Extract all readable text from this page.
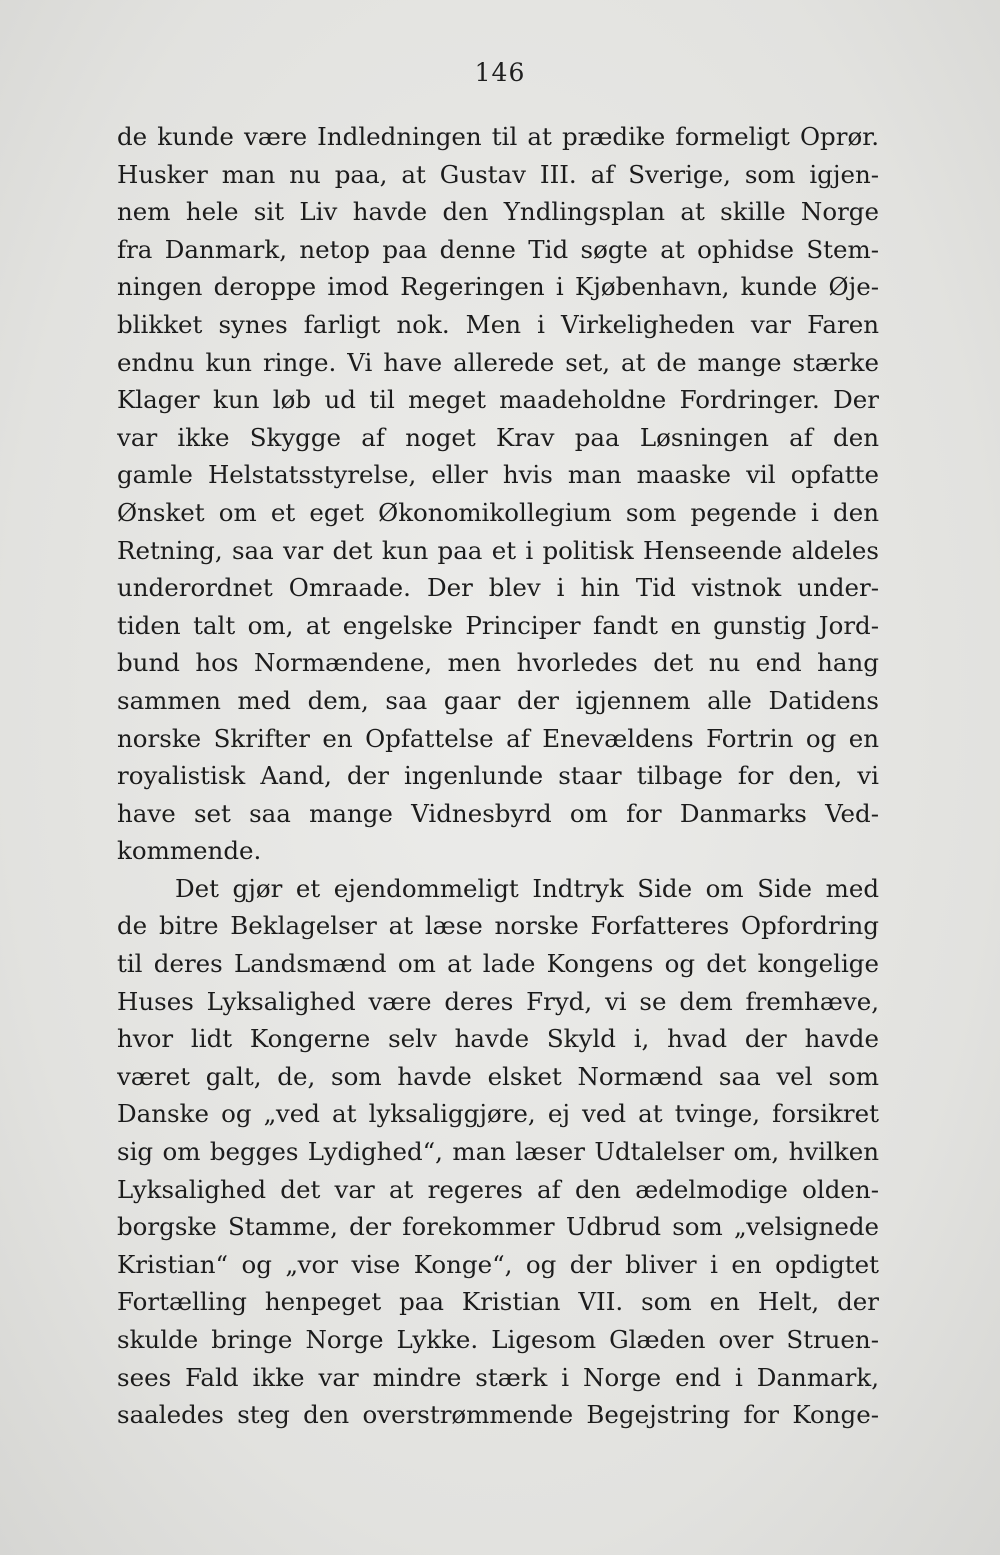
146
de kunde være Indledningen til at prædike formeligt Oprør.
Husker man nu paa, at Gustav III. af Sverige, som igjen-
nem hele sit Liv havde den Yndlingsplan at skille Norge
fra Danmark, netop paa denne Tid søgte at ophidse Stem-
ningen deroppe imod Regeringen i Kjøbenhavn, kunde Øje-
blikket synes farligt nok. Men i Virkeligheden var Faren
endnu kun ringe. Vi have allerede set, at de mange stærke
Klager kun løb ud til meget maadeholdne Fordringer. Der
var ikke Skygge af noget Krav paa Løsningen af den
gamle Helstatsstyrelse, eller hvis man maaske vil opfatte
Ønsket om et eget Økonomikollegium som pegende i den
Retning, saa var det kun paa et i politisk Henseende aldeles
underordnet Omraade. Der blev i hin Tid vistnok under-
tiden talt om, at engelske Principer fandt en gunstig Jord-
bund hos Normændene, men hvorledes det nu end hang
sammen med dem, saa gaar der igjennem alle Datidens
norske Skrifter en Opfattelse af Enevældens Fortrin og en
royalistisk Aand, der ingenlunde staar tilbage for den, vi
have set saa mange Vidnesbyrd om for Danmarks Ved-
kommende.
Det gjør et ejendommeligt Indtryk Side om Side med
de bitre Beklagelser at læse norske Forfatteres Opfordring
til deres Landsmænd om at lade Kongens og det kongelige
Huses Lyksalighed være deres Fryd, vi se dem fremhæve,
hvor lidt Kongerne selv havde Skyld i, hvad der havde
været galt, de, som havde elsket Normænd saa vel som
Danske og „ved at lyksaliggjøre, ej ved at tvinge, forsikret
sig om begges Lydighed“, man læser Udtalelser om, hvilken
Lyksalighed det var at regeres af den ædelmodige olden-
borgske Stamme, der forekommer Udbrud som „velsignede
Kristian“ og „vor vise Konge“, og der bliver i en opdigtet
Fortælling henpeget paa Kristian VII. som en Helt, der
skulde bringe Norge Lykke. Ligesom Glæden over Struen-
sees Fald ikke var mindre stærk i Norge end i Danmark,
saaledes steg den overstrømmende Begejstring for Konge-
